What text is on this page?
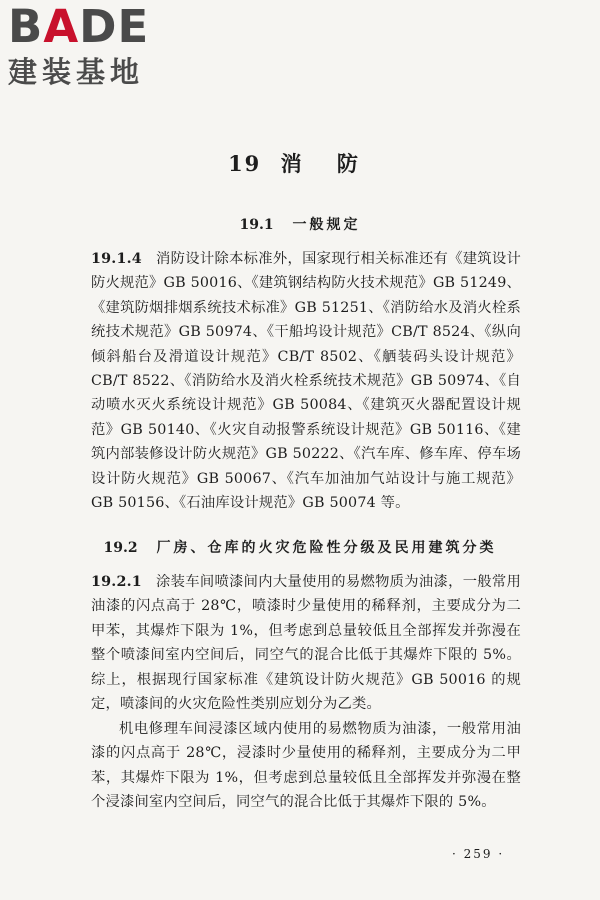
B A D E
建装基地
19 消 防
19.1 一般规定
19.1.4 消防设计除本标准外，国家现行相关标准还有《建筑设计防火规范》GB 50016、《建筑钢结构防火技术规范》GB 51249、《建筑防烟排烟系统技术标准》GB 51251、《消防给水及消火栓系统技术规范》GB 50974、《干船坞设计规范》CB/T 8524、《纵向倾斜船台及滑道设计规范》CB/T 8502、《舾装码头设计规范》CB/T 8522、《消防给水及消火栓系统技术规范》GB 50974、《自动喷水灭火系统设计规范》GB 50084、《建筑灭火器配置设计规范》GB 50140、《火灾自动报警系统设计规范》GB 50116、《建筑内部装修设计防火规范》GB 50222、《汽车库、修车库、停车场设计防火规范》GB 50067、《汽车加油加气站设计与施工规范》GB 50156、《石油库设计规范》GB 50074 等。
19.2 厂房、仓库的火灾危险性分级及民用建筑分类
19.2.1 涂装车间喷漆间内大量使用的易燃物质为油漆，一般常用油漆的闪点高于 28℃，喷漆时少量使用的稀释剂，主要成分为二甲苯，其爆炸下限为 1%，但考虑到总量较低且全部挥发并弥漫在整个喷漆间室内空间后，同空气的混合比低于其爆炸下限的 5%。综上，根据现行国家标准《建筑设计防火规范》GB 50016 的规定，喷漆间的火灾危险性类别应划分为乙类。
机电修理车间浸漆区域内使用的易燃物质为油漆，一般常用油漆的闪点高于 28℃，浸漆时少量使用的稀释剂，主要成分为二甲苯，其爆炸下限为 1%，但考虑到总量较低且全部挥发并弥漫在整个浸漆间室内空间后，同空气的混合比低于其爆炸下限的 5%。
· 259 ·
